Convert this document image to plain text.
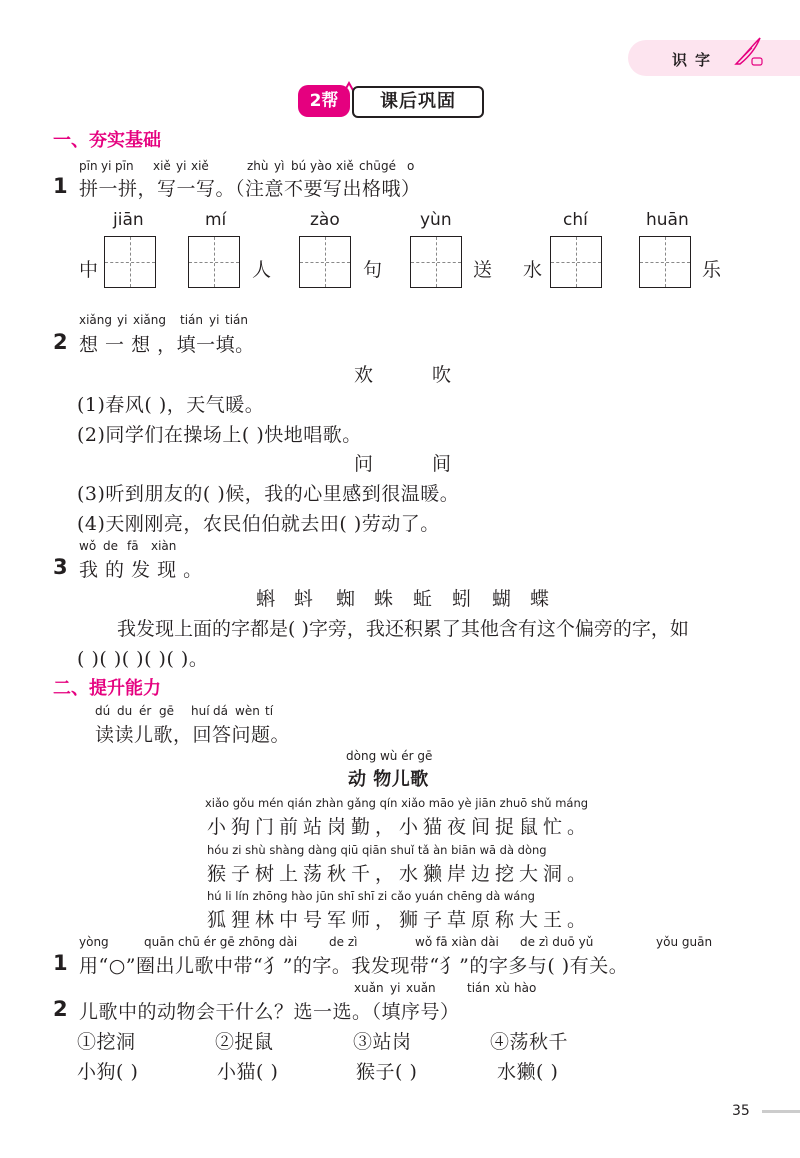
识字
2帮	课后巩固
一、夯实基础
pīn yi pīn xiě yi xiě	zhù yì bú yào xiě chū gé o
1 拼一拼，写一写。（注意不要写出格哦）
jiān
中
mí
人
zào
句
yùn
送
chí
水
huān
乐
xiǎng yi xiǎng tián yi tián
2 想 一 想 ，填一填。
欢	吹
(1)春风( )，天气暖。
(2)同学们在操场上( )快地唱歌。
问	间
(3)听到朋友的( )候，我的心里感到很温暖。
(4)天刚刚亮，农民伯伯就去田( )劳动了。
wǒ de fā xiàn
3 我 的 发 现 。
蝌 蚪 蜘 蛛 蚯 蚓 蝴 蝶
我发现上面的字都是( )字旁，我还积累了其他含有这个偏旁的字，如
( )( )( )( )( )。
二、提升能力
dú du ér gē huí dá wèn tí
读读儿歌，回答问题。
dòng wù ér gē
动 物儿歌
xiǎo gǒu mén qián zhàn gǎng qín xiǎo māo yè jiān zhuō shǔ máng
小狗门前站岗勤，小猫夜间捉鼠忙。
hóu zi shù shàng dàng qiū qiān shuǐ tǎ àn biān wā dà dòng
猴子树上荡秋千，水獭岸边挖大洞。
hú li lín zhōng hào jūn shī shī zi cǎo yuán chēng dà wáng
狐狸林中号军师，狮子草原称大王。
yòng	quān chū ér gē zhōng dài	de zì	wǒ fā xiàn dài de zì duō yǔ	yǒu guān
1 用“○”圈出儿歌中带“犭”的字。我发现带“犭”的字多与( )有关。
xuǎn yi xuǎn	tián xù hào
2 儿歌中的动物会干什么？选一选。（填序号）
①挖洞	②捉鼠	③站岗	④荡秋千
小狗( )	小猫( )	猴子( )	水獭( )
35
